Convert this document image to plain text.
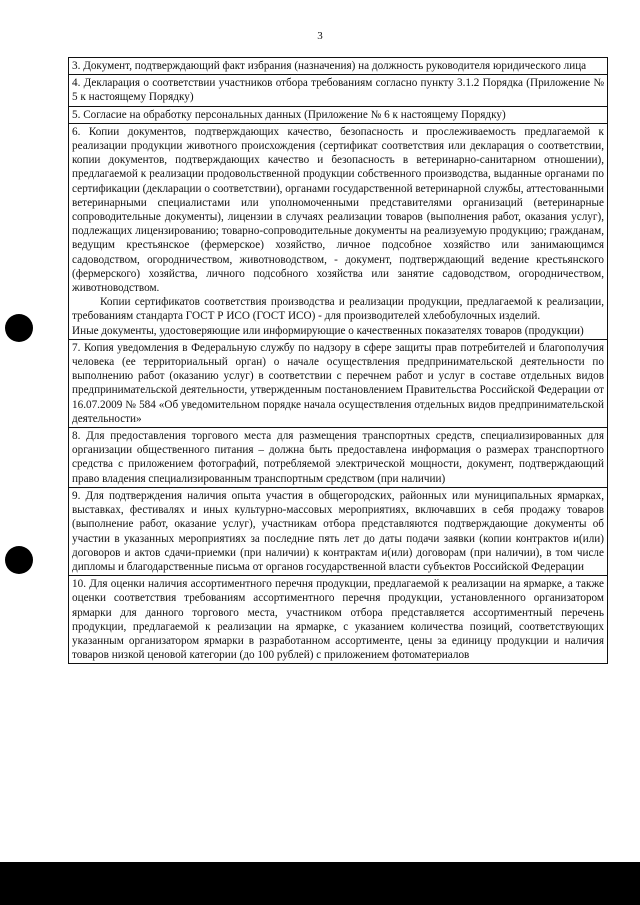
3

3. Документ, подтверждающий факт избрания (назначения) на должность руководителя юридического лица

4. Декларация о соответствии участников отбора требованиям согласно пункту 3.1.2 Порядка (Приложение № 5 к настоящему Порядку)

5. Согласие на обработку персональных данных (Приложение № 6 к настоящему Порядку)

6. Копии документов, подтверждающих качество, безопасность и прослеживаемость предлагаемой к реализации продукции животного происхождения (сертификат соответствия или декларация о соответствии, копии документов, подтверждающих качество и безопасность в ветеринарно-санитарном отношении), предлагаемой к реализации продовольственной продукции собственного производства, выданные органами по сертификации (декларации о соответствии), органами государственной ветеринарной службы, аттестованными ветеринарными специалистами или уполномоченными представителями организаций (ветеринарные сопроводительные документы), лицензии в случаях реализации товаров (выполнения работ, оказания услуг), подлежащих лицензированию; товарно-сопроводительные документы на реализуемую продукцию; гражданам, ведущим крестьянское (фермерское) хозяйство, личное подсобное хозяйство или занимающимся садоводством, огородничеством, животноводством, - документ, подтверждающий ведение крестьянского (фермерского) хозяйства, личного подсобного хозяйства или занятие садоводством, огородничеством, животноводством.

Копии сертификатов соответствия производства и реализации продукции, предлагаемой к реализации, требованиям стандарта ГОСТ Р ИСО (ГОСТ ИСО) - для производителей хлебобулочных изделий.

Иные документы, удостоверяющие или информирующие о качественных показателях товаров (продукции)

7. Копия уведомления в Федеральную службу по надзору в сфере защиты прав потребителей и благополучия человека (ее территориальный орган) о начале осуществления предпринимательской деятельности по выполнению работ (оказанию услуг) в соответствии с перечнем работ и услуг в составе отдельных видов предпринимательской деятельности, утвержденным постановлением Правительства Российской Федерации от 16.07.2009 № 584 «Об уведомительном порядке начала осуществления отдельных видов предпринимательской деятельности»

8. Для предоставления торгового места для размещения транспортных средств, специализированных для организации общественного питания – должна быть предоставлена информация о размерах транспортного средства с приложением фотографий, потребляемой электрической мощности, документ, подтверждающий право владения специализированным транспортным средством (при наличии)

9. Для подтверждения наличия опыта участия в общегородских, районных или муниципальных ярмарках, выставках, фестивалях и иных культурно-массовых мероприятиях, включавших в себя продажу товаров (выполнение работ, оказание услуг), участникам отбора представляются подтверждающие документы об участии в указанных мероприятиях за последние пять лет до даты подачи заявки (копии контрактов и(или) договоров и актов сдачи-приемки (при наличии) к контрактам и(или) договорам (при наличии), в том числе дипломы и благодарственные письма от органов государственной власти субъектов Российской Федерации

10. Для оценки наличия ассортиментного перечня продукции, предлагаемой к реализации на ярмарке, а также оценки соответствия требованиям ассортиментного перечня продукции, установленного организатором ярмарки для данного торгового места, участником отбора представляется ассортиментный перечень продукции, предлагаемой к реализации на ярмарке, с указанием количества позиций, соответствующих указанным организатором ярмарки в разработанном ассортименте, цены за единицу продукции и наличия товаров низкой ценовой категории (до 100 рублей) с приложением фотоматериалов
